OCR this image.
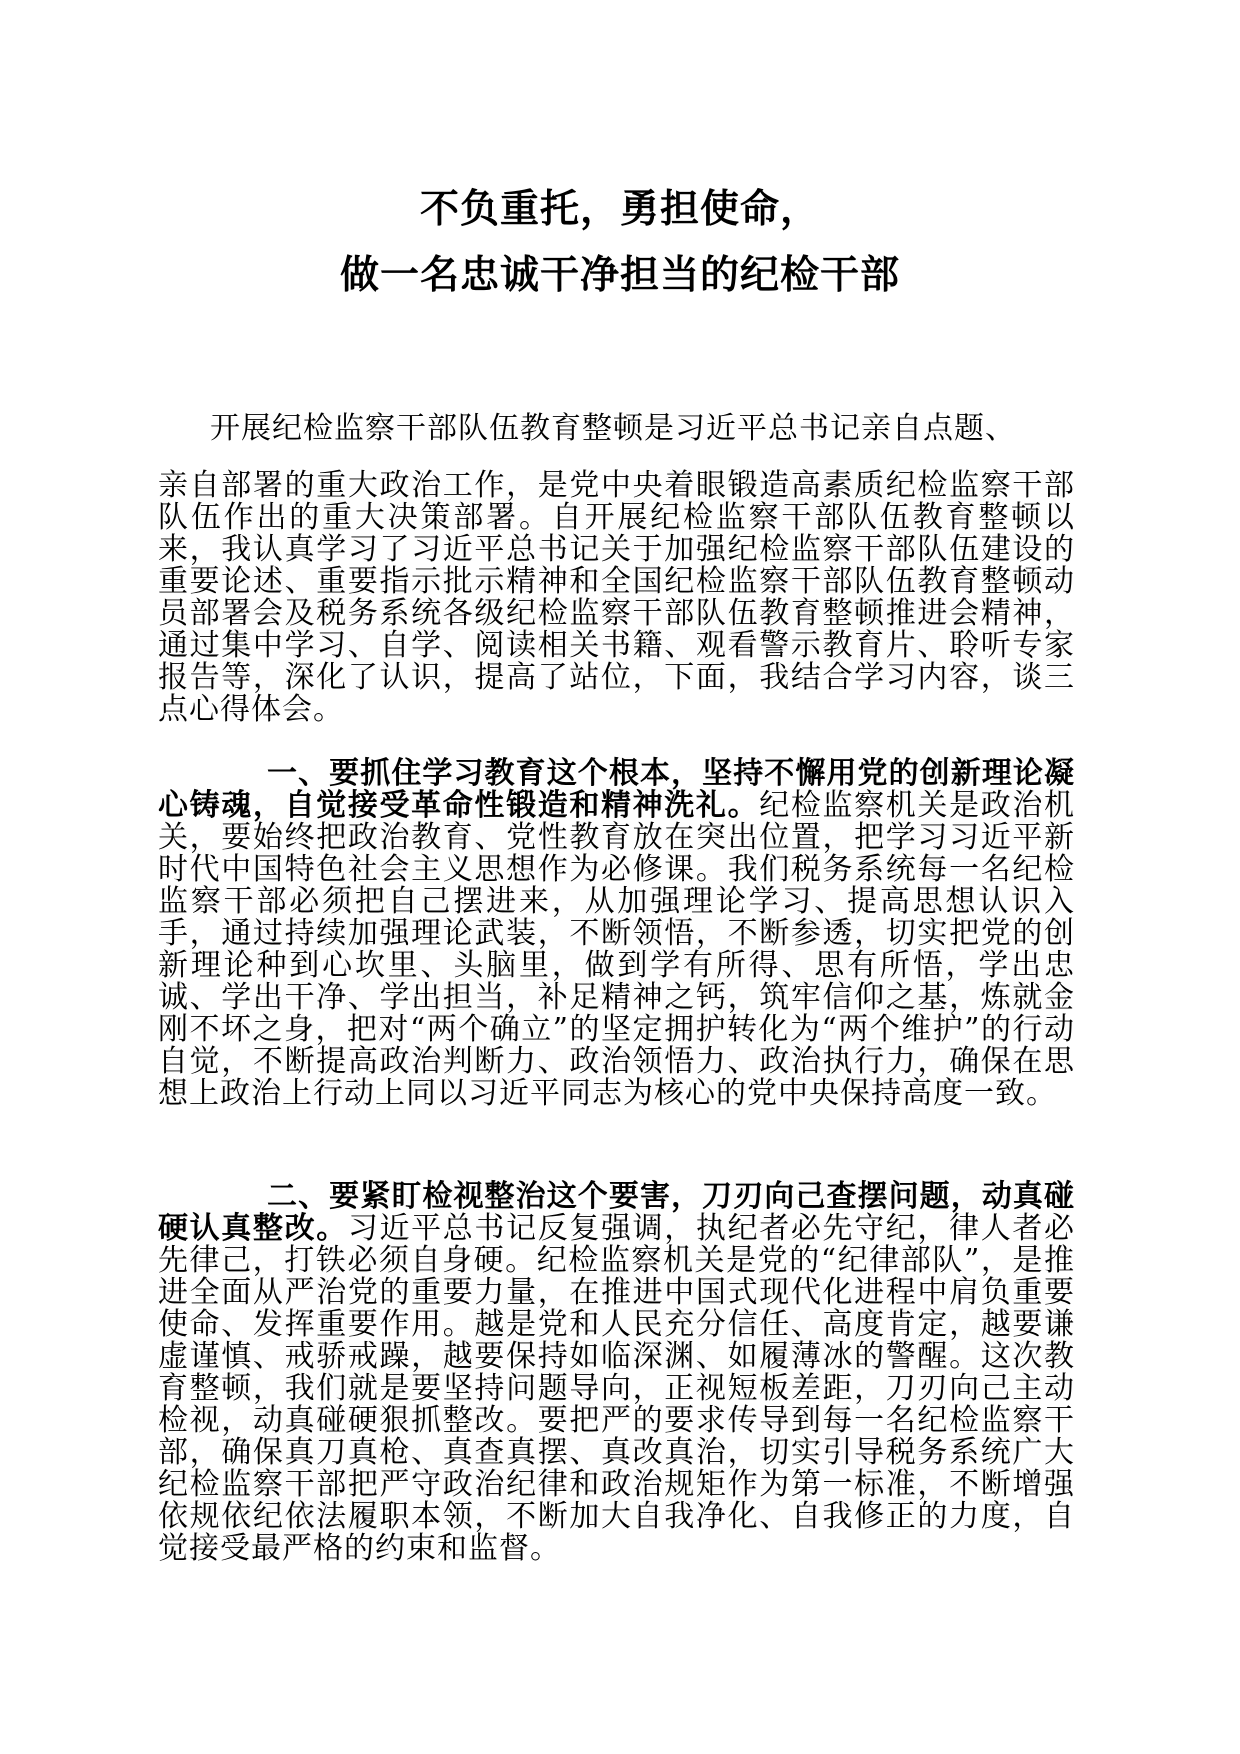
不负重托，勇担使命，
做一名忠诚干净担当的纪检干部

开展纪检监察干部队伍教育整顿是习近平总书记亲自点题、

亲自部署的重大政治工作，是党中央着眼锻造高素质纪检监察干部队伍作出的重大决策部署。自开展纪检监察干部队伍教育整顿以来，我认真学习了习近平总书记关于加强纪检监察干部队伍建设的重要论述、重要指示批示精神和全国纪检监察干部队伍教育整顿动员部署会及税务系统各级纪检监察干部队伍教育整顿推进会精神，通过集中学习、自学、阅读相关书籍、观看警示教育片、聆听专家报告等，深化了认识，提高了站位，下面，我结合学习内容，谈三点心得体会。

一、要抓住学习教育这个根本，坚持不懈用党的创新理论凝心铸魂，自觉接受革命性锻造和精神洗礼。纪检监察机关是政治机关，要始终把政治教育、党性教育放在突出位置，把学习习近平新时代中国特色社会主义思想作为必修课。我们税务系统每一名纪检监察干部必须把自己摆进来，从加强理论学习、提高思想认识入手，通过持续加强理论武装，不断领悟，不断参透，切实把党的创新理论种到心坎里、头脑里，做到学有所得、思有所悟，学出忠诚、学出干净、学出担当，补足精神之钙，筑牢信仰之基，炼就金刚不坏之身，把对“两个确立”的坚定拥护转化为“两个维护”的行动自觉，不断提高政治判断力、政治领悟力、政治执行力，确保在思想上政治上行动上同以习近平同志为核心的党中央保持高度一致。

二、要紧盯检视整治这个要害，刀刃向己查摆问题，动真碰硬认真整改。习近平总书记反复强调，执纪者必先守纪，律人者必先律己，打铁必须自身硬。纪检监察机关是党的“纪律部队”，是推进全面从严治党的重要力量，在推进中国式现代化进程中肩负重要使命、发挥重要作用。越是党和人民充分信任、高度肯定，越要谦虚谨慎、戒骄戒躁，越要保持如临深渊、如履薄冰的警醒。这次教育整顿，我们就是要坚持问题导向，正视短板差距，刀刃向己主动检视，动真碰硬狠抓整改。要把严的要求传导到每一名纪检监察干部，确保真刀真枪、真查真摆、真改真治，切实引导税务系统广大纪检监察干部把严守政治纪律和政治规矩作为第一标准，不断增强依规依纪依法履职本领，不断加大自我净化、自我修正的力度，自觉接受最严格的约束和监督。
